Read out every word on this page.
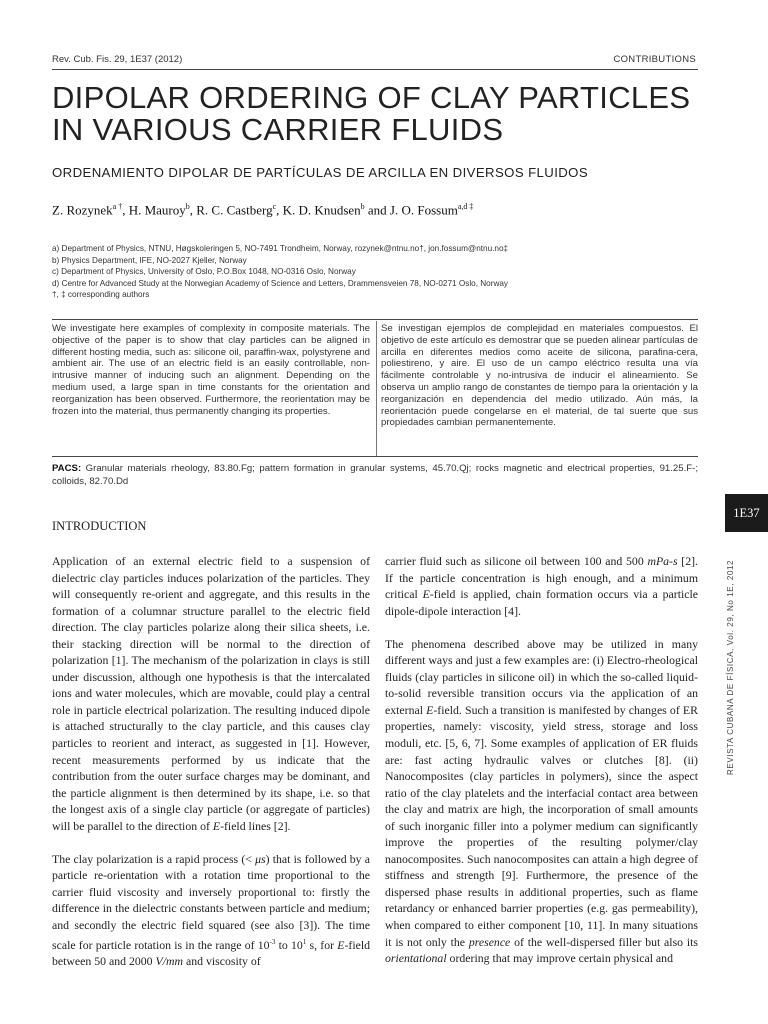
Rev. Cub. Fis. 29, 1E37 (2012)	CONTRIBUTIONS
DIPOLAR ORDERING OF CLAY PARTICLES
IN VARIOUS CARRIER FLUIDS
ORDENAMIENTO DIPOLAR DE PARTÍCULAS DE ARCILLA EN DIVERSOS FLUIDOS
Z. Rozynek$^{a \dagger}$, H. Mauroy$^b$, R. C. Castberg$^c$, K. D. Knudsen$^b$ and J. O. Fossum$^{a,d \ddagger}$
a) Department of Physics, NTNU, Høgskoleringen 5, NO-7491 Trondheim, Norway, rozynek@ntnu.no†, jon.fossum@ntnu.no‡
b) Physics Department, IFE, NO-2027 Kjeller, Norway
c) Department of Physics, University of Oslo, P.O.Box 1048, NO-0316 Oslo, Norway
d) Centre for Advanced Study at the Norwegian Academy of Science and Letters, Drammensveien 78, NO-0271 Oslo, Norway
†, ‡ corresponding authors
We investigate here examples of complexity in composite materials. The objective of the paper is to show that clay particles can be aligned in different hosting media, such as: silicone oil, paraffin-wax, polystyrene and ambient air. The use of an electric field is an easily controllable, non-intrusive manner of inducing such an alignment. Depending on the medium used, a large span in time constants for the orientation and reorganization has been observed. Furthermore, the reorientation may be frozen into the material, thus permanently changing its properties.
Se investigan ejemplos de complejidad en materiales compuestos. El objetivo de este artículo es demostrar que se pueden alinear partículas de arcilla en diferentes medios como aceite de silicona, parafina-cera, poliestireno, y aire. El uso de un campo eléctrico resulta una vía fácilmente controlable y no-intrusiva de inducir el alineamiento. Se observa un amplio rango de constantes de tiempo para la orientación y la reorganización en dependencia del medio utilizado. Aún más, la reorientación puede congelarse en el material, de tal suerte que sus propiedades cambian permanentemente.
PACS: Granular materials rheology, 83.80.Fg; pattern formation in granular systems, 45.70.Qj; rocks magnetic and electrical properties, 91.25.F-; colloids, 82.70.Dd
1E37
REVISTA CUBANA DE FÍSICA, Vol. 29, No 1E, 2012
INTRODUCTION

Application of an external electric field to a suspension of dielectric clay particles induces polarization of the particles. They will consequently re-orient and aggregate, and this results in the formation of a columnar structure parallel to the electric field direction. The clay particles polarize along their silica sheets, i.e. their stacking direction will be normal to the direction of polarization [1]. The mechanism of the polarization in clays is still under discussion, although one hypothesis is that the intercalated ions and water molecules, which are movable, could play a central role in particle electrical polarization. The resulting induced dipole is attached structurally to the clay particle, and this causes clay particles to reorient and interact, as suggested in [1]. However, recent measurements performed by us indicate that the contribution from the outer surface charges may be dominant, and the particle alignment is then determined by its shape, i.e. so that the longest axis of a single clay particle (or aggregate of particles) will be parallel to the direction of E-field lines [2].

The clay polarization is a rapid process (< μs) that is followed by a particle re-orientation with a rotation time proportional to the carrier fluid viscosity and inversely proportional to: firstly the difference in the dielectric constants between particle and medium; and secondly the electric field squared (see also [3]). The time scale for particle rotation is in the range of $10^{-3}$ to $10^1$ s, for E-field between 50 and 2000 V/mm and viscosity of

carrier fluid such as silicone oil between 100 and 500 mPa-s [2]. If the particle concentration is high enough, and a minimum critical E-field is applied, chain formation occurs via a particle dipole-dipole interaction [4].

The phenomena described above may be utilized in many different ways and just a few examples are: (i) Electro-rheological fluids (clay particles in silicone oil) in which the so-called liquid-to-solid reversible transition occurs via the application of an external E-field. Such a transition is manifested by changes of ER properties, namely: viscosity, yield stress, storage and loss moduli, etc. [5, 6, 7]. Some examples of application of ER fluids are: fast acting hydraulic valves or clutches [8]. (ii) Nanocomposites (clay particles in polymers), since the aspect ratio of the clay platelets and the interfacial contact area between the clay and matrix are high, the incorporation of small amounts of such inorganic filler into a polymer medium can significantly improve the properties of the resulting polymer/clay nanocomposites. Such nanocomposites can attain a high degree of stiffness and strength [9]. Furthermore, the presence of the dispersed phase results in additional properties, such as flame retardancy or enhanced barrier properties (e.g. gas permeability), when compared to either component [10, 11]. In many situations it is not only the presence of the well-dispersed filler but also its orientational ordering that may improve certain physical and
